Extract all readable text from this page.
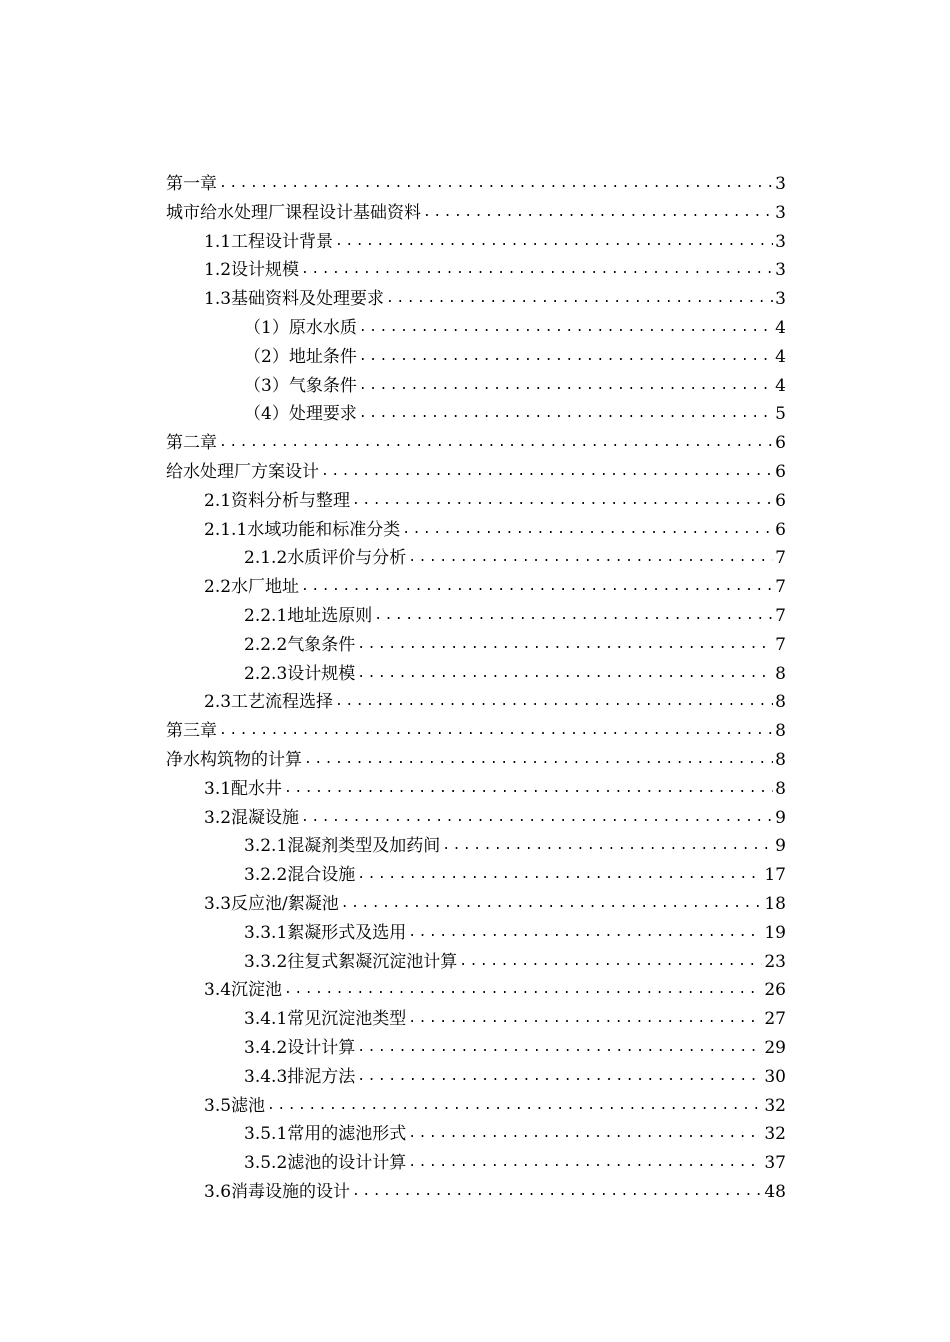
第一章 .....	3
城市给水处理厂课程设计基础资料 .....	3
1.1工程设计背景 .....	3
1.2设计规模 .....	3
1.3基础资料及处理要求 .....	3
（1）原水水质 .....	4
（2）地址条件 .....	4
（3）气象条件 .....	4
（4）处理要求 .....	5
第二章 .....	6
给水处理厂方案设计 .....	6
2.1资料分析与整理 .....	6
2.1.1水域功能和标准分类 .....	6
2.1.2水质评价与分析 .....	7
2.2水厂地址 .....	7
2.2.1地址选原则 .....	7
2.2.2气象条件 .....	7
2.2.3设计规模 .....	8
2.3工艺流程选择 .....	8
第三章 .....	8
净水构筑物的计算 .....	8
3.1配水井 .....	8
3.2混凝设施 .....	9
3.2.1混凝剂类型及加药间 .....	9
3.2.2混合设施 .....	17
3.3反应池/絮凝池 .....	18
3.3.1絮凝形式及选用 .....	19
3.3.2往复式絮凝沉淀池计算 .....	23
3.4沉淀池 .....	26
3.4.1常见沉淀池类型 .....	27
3.4.2设计计算 .....	29
3.4.3排泥方法 .....	30
3.5滤池 .....	32
3.5.1常用的滤池形式 .....	32
3.5.2滤池的设计计算 .....	37
3.6消毒设施的设计 .....	48
